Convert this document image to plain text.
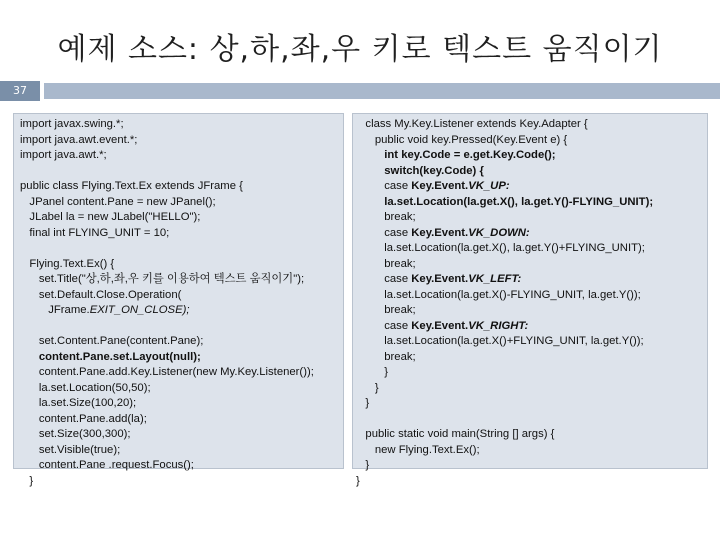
예제 소스: 상,하,좌,우 키로 텍스트 움직이기
37
import javax.swing.*;
import java.awt.event.*;
import java.awt.*;
public class Flying.Text.Ex extends JFrame {
JPanel content.Pane = new JPanel();
JLabel la = new JLabel("HELLO");
final int FLYING_UNIT = 10;
Flying.Text.Ex() {
set.Title("상,하,좌,우 키를 이용하여 텍스트 움직이기");
set.Default.Close.Operation(
JFrame.EXIT_ON_CLOSE);
set.Content.Pane(content.Pane);
content.Pane.set.Layout(null);
content.Pane.add.Key.Listener(new My.Key.Listener());
la.set.Location(50,50);
la.set.Size(100,20);
content.Pane.add(la);
set.Size(300,300);
set.Visible(true);
content.Pane .request.Focus();
}
class My.Key.Listener extends Key.Adapter {
public void key.Pressed(Key.Event e) {
int key.Code = e.get.Key.Code();
switch(key.Code) {
case Key.Event.VK_UP:
la.set.Location(la.get.X(), la.get.Y()-FLYING_UNIT);
break;
case Key.Event.VK_DOWN:
la.set.Location(la.get.X(), la.get.Y()+FLYING_UNIT);
break;
case Key.Event.VK_LEFT:
la.set.Location(la.get.X()-FLYING_UNIT, la.get.Y());
break;
case Key.Event.VK_RIGHT:
la.set.Location(la.get.X()+FLYING_UNIT, la.get.Y());
break;
}
}
}
public static void main(String [] args) {
new Flying.Text.Ex();
}
}
